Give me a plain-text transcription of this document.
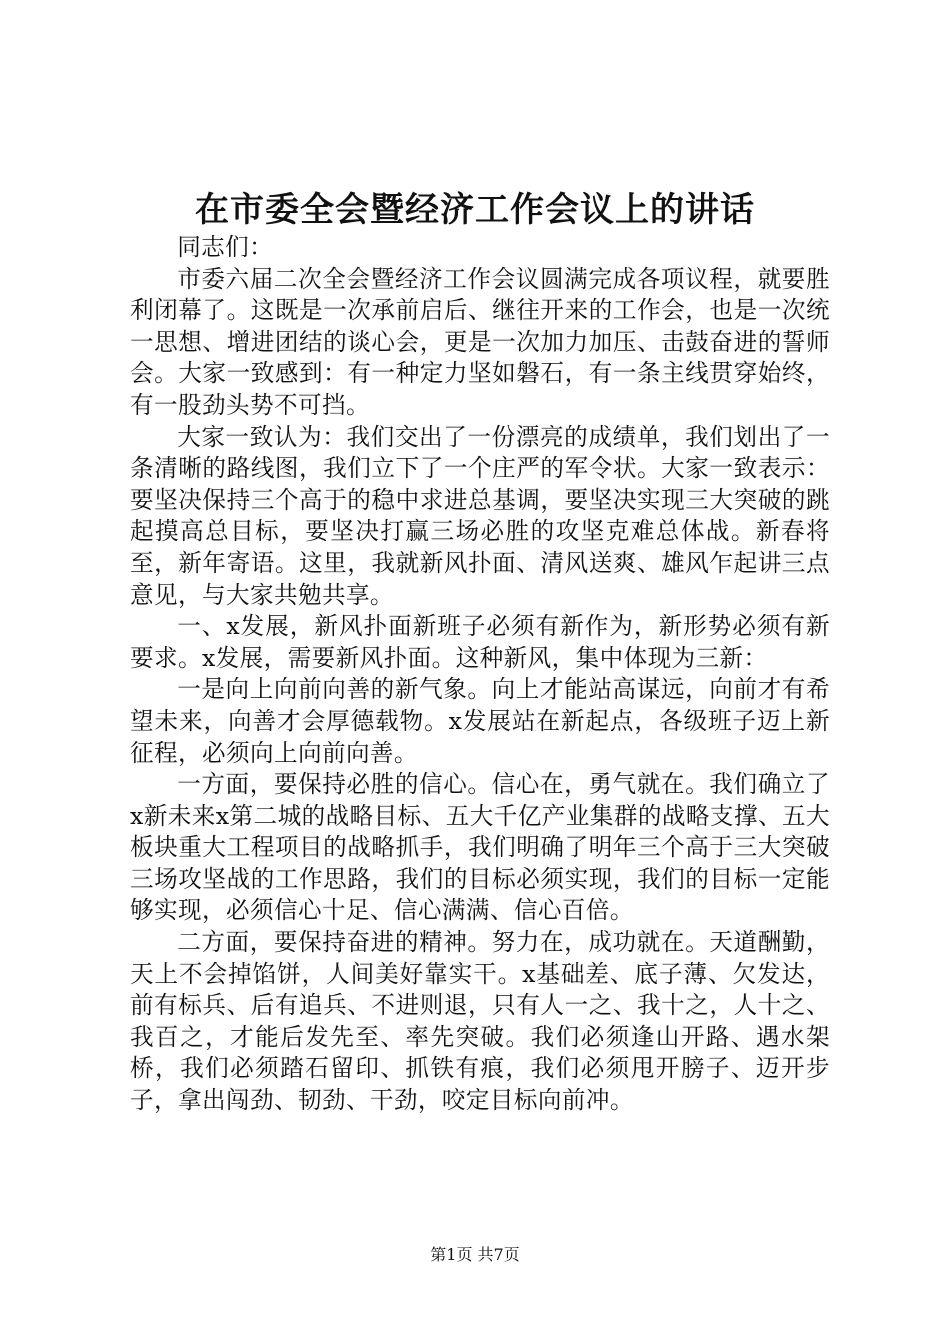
在市委全会暨经济工作会议上的讲话

同志们：

市委六届二次全会暨经济工作会议圆满完成各项议程，就要胜利闭幕了。这既是一次承前启后、继往开来的工作会，也是一次统一思想、增进团结的谈心会，更是一次加力加压、击鼓奋进的誓师会。大家一致感到：有一种定力坚如磐石，有一条主线贯穿始终，有一股劲头势不可挡。

大家一致认为：我们交出了一份漂亮的成绩单，我们划出了一条清晰的路线图，我们立下了一个庄严的军令状。大家一致表示：要坚决保持三个高于的稳中求进总基调，要坚决实现三大突破的跳起摸高总目标，要坚决打赢三场必胜的攻坚克难总体战。新春将至，新年寄语。这里，我就新风扑面、清风送爽、雄风乍起讲三点意见，与大家共勉共享。

一、x发展，新风扑面新班子必须有新作为，新形势必须有新要求。x发展，需要新风扑面。这种新风，集中体现为三新：

一是向上向前向善的新气象。向上才能站高谋远，向前才有希望未来，向善才会厚德载物。x发展站在新起点，各级班子迈上新征程，必须向上向前向善。

一方面，要保持必胜的信心。信心在，勇气就在。我们确立了x新未来x第二城的战略目标、五大千亿产业集群的战略支撑、五大板块重大工程项目的战略抓手，我们明确了明年三个高于三大突破三场攻坚战的工作思路，我们的目标必须实现，我们的目标一定能够实现，必须信心十足、信心满满、信心百倍。

二方面，要保持奋进的精神。努力在，成功就在。天道酬勤，天上不会掉馅饼，人间美好靠实干。x基础差、底子薄、欠发达，前有标兵、后有追兵、不进则退，只有人一之、我十之，人十之、我百之，才能后发先至、率先突破。我们必须逢山开路、遇水架桥，我们必须踏石留印、抓铁有痕，我们必须甩开膀子、迈开步子，拿出闯劲、韧劲、干劲，咬定目标向前冲。

第1页 共7页
